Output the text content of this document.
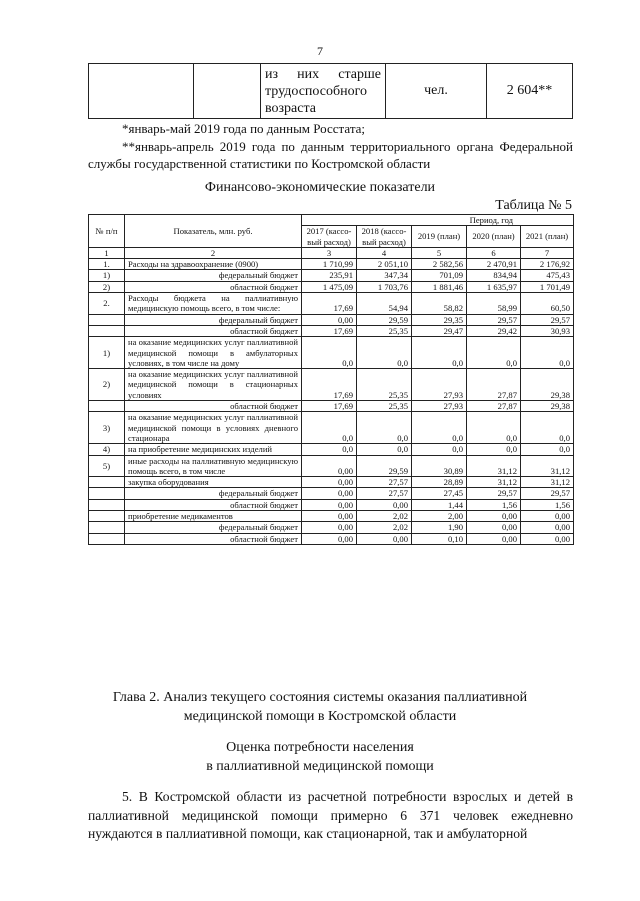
7
		из них старше трудоспособного возраста	чел.	2 604**
*январь-май 2019 года по данным Росстата;
**январь-апрель 2019 года по данным территориального органа Федеральной службы государственной статистики по Костромской области
Финансово-экономические показатели
Таблица № 5
№ п/п	Показатель, млн. руб.	Период, год				
		2017 (кассо- вый расход)	2018 (кассо- вый расход)	2019 (план)	2020 (план)	2021 (план)
1	2	3	4	5	6	7
1.	Расходы на здравоохранение (0900)	1 710,99	2 051,10	2 582,56	2 470,91	2 176,92
1)	федеральный бюджет	235,91	347,34	701,09	834,94	475,43
2)	областной бюджет	1 475,09	1 703,76	1 881,46	1 635,97	1 701,49
2.	Расходы бюджета на паллиативную медицинскую помощь всего, в том числе:	17,69	54,94	58,82	58,99	60,50
	федеральный бюджет	0,00	29,59	29,35	29,57	29,57
	областной бюджет	17,69	25,35	29,47	29,42	30,93
1)	на оказание медицинских услуг паллиативной медицинской помощи в амбулаторных условиях, в том числе на дому	0,0	0,0	0,0	0,0	0,0
2)	на оказание медицинских услуг паллиативной медицинской помощи в стационарных условиях	17,69	25,35	27,93	27,87	29,38
	областной бюджет	17,69	25,35	27,93	27,87	29,38
3)	на оказание медицинских услуг паллиативной медицинской помощи в условиях дневного стационара	0,0	0,0	0,0	0,0	0,0
4)	на приобретение медицинских изделий	0,0	0,0	0,0	0,0	0,0
5)	иные расходы на паллиативную медицинскую помощь всего, в том числе	0,00	29,59	30,89	31,12	31,12
	закупка оборудования	0,00	27,57	28,89	31,12	31,12
	федеральный бюджет	0,00	27,57	27,45	29,57	29,57
	областной бюджет	0,00	0,00	1,44	1,56	1,56
	приобретение медикаментов	0,00	2,02	2,00	0,00	0,00
	федеральный бюджет	0,00	2,02	1,90	0,00	0,00
	областной бюджет	0,00	0,00	0,10	0,00	0,00
Глава 2. Анализ текущего состояния системы оказания паллиативной
медицинской помощи в Костромской области
Оценка потребности населения
в паллиативной медицинской помощи
5. В Костромской области из расчетной потребности взрослых и детей в паллиативной медицинской помощи примерно 6 371 человек ежедневно нуждаются в паллиативной помощи, как стационарной, так и амбулаторной
